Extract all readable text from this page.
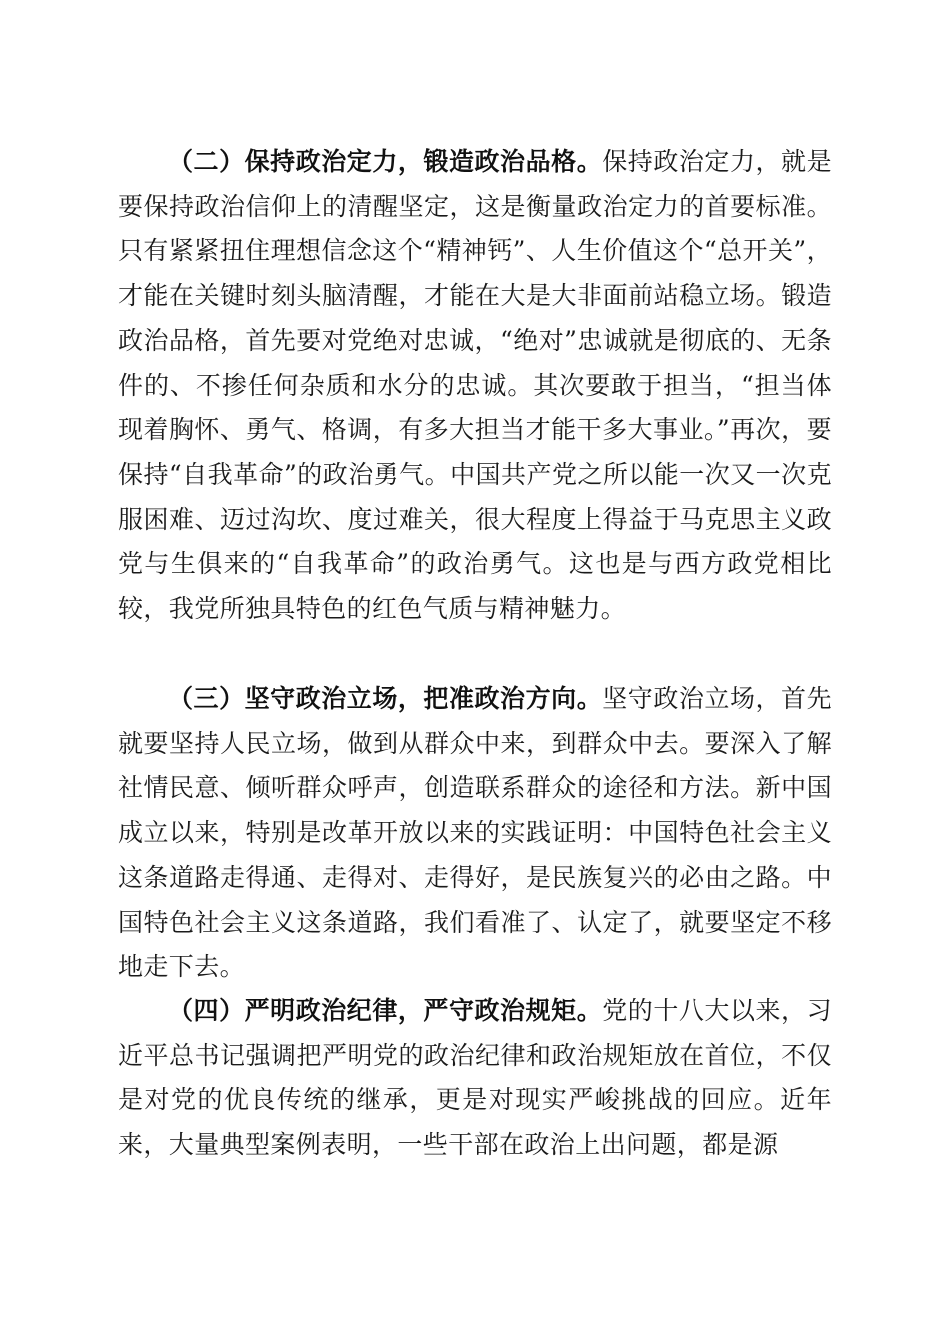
（二）保持政治定力，锻造政治品格。保持政治定力，就是要保持政治信仰上的清醒坚定，这是衡量政治定力的首要标准。只有紧紧扭住理想信念这个“精神钙”、人生价值这个“总开关”，才能在关键时刻头脑清醒，才能在大是大非面前站稳立场。锻造政治品格，首先要对党绝对忠诚，“绝对”忠诚就是彻底的、无条件的、不掺任何杂质和水分的忠诚。其次要敢于担当，“担当体现着胸怀、勇气、格调，有多大担当才能干多大事业。”再次，要保持“自我革命”的政治勇气。中国共产党之所以能一次又一次克服困难、迈过沟坎、度过难关，很大程度上得益于马克思主义政党与生俱来的“自我革命”的政治勇气。这也是与西方政党相比较，我党所独具特色的红色气质与精神魅力。

（三）坚守政治立场，把准政治方向。坚守政治立场，首先就要坚持人民立场，做到从群众中来，到群众中去。要深入了解社情民意、倾听群众呼声，创造联系群众的途径和方法。新中国成立以来，特别是改革开放以来的实践证明：中国特色社会主义这条道路走得通、走得对、走得好，是民族复兴的必由之路。中国特色社会主义这条道路，我们看准了、认定了，就要坚定不移地走下去。

（四）严明政治纪律，严守政治规矩。党的十八大以来，习近平总书记强调把严明党的政治纪律和政治规矩放在首位，不仅是对党的优良传统的继承，更是对现实严峻挑战的回应。近年来，大量典型案例表明，一些干部在政治上出问题，都是源
